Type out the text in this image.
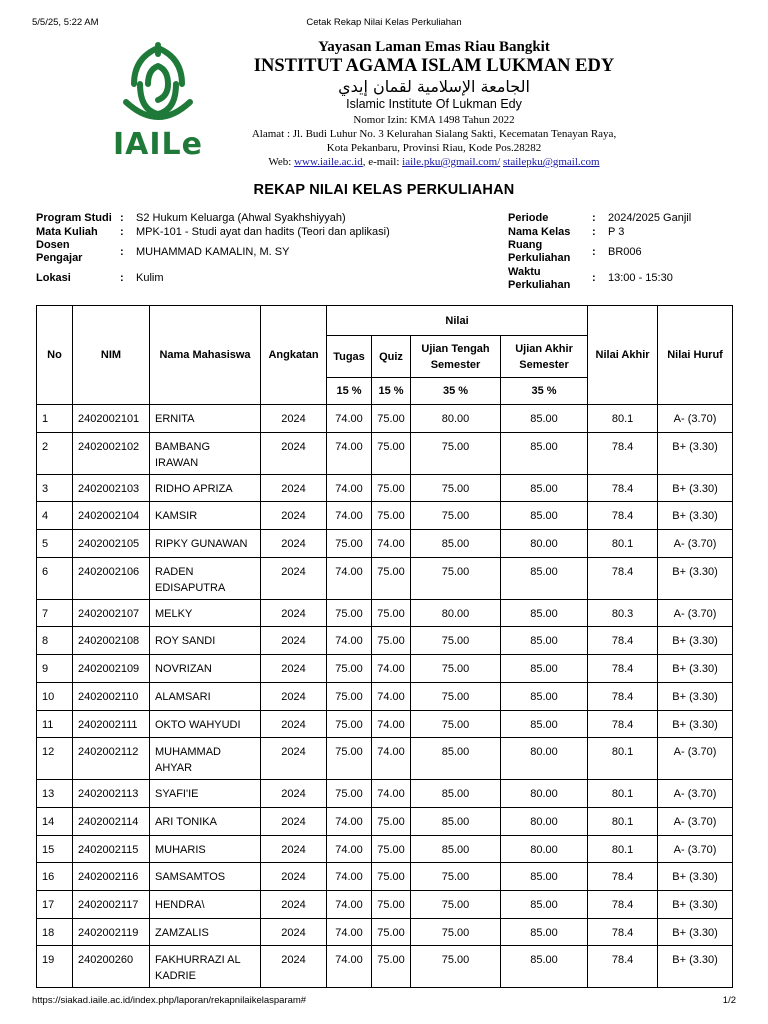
5/5/25, 5:22 AM	Cetak Rekap Nilai Kelas Perkuliahan
IAILe
Yayasan Laman Emas Riau Bangkit
INSTITUT AGAMA ISLAM LUKMAN EDY
الجامعة الإسلامية لقمان إيدي
Islamic Institute Of Lukman Edy
Nomor Izin: KMA 1498 Tahun 2022
Alamat : Jl. Budi Luhur No. 3 Kelurahan Sialang Sakti, Kecematan Tenayan Raya,
Kota Pekanbaru, Provinsi Riau, Kode Pos.28282
Web: www.iaile.ac.id, e-mail: iaile.pku@gmail.com/ stailepku@gmail.com
REKAP NILAI KELAS PERKULIAHAN
Program Studi : S2 Hukum Keluarga (Ahwal Syakhshiyyah)
Mata Kuliah : MPK-101 - Studi ayat dan hadits (Teori dan aplikasi)
Dosen Pengajar	: MUHAMMAD KAMALIN, M. SY
Lokasi	: Kulim
Periode	: 2024/2025 Ganjil
Nama Kelas : P 3
Ruang Perkuliahan	: BR006
Waktu Perkuliahan
: 13:00 - 15:30
No	NIM	Nama Mahasiswa	Angkatan	Nilai				Nilai Akhir	Nilai Huruf
				Tugas	Quiz	Ujian Tengah Semester	Ujian Akhir Semester		
				15 %	15 %	35 %	35 %		
1	2402002101	ERNITA	2024	74.00	75.00	80.00	85.00	80.1	A- (3.70)
2	2402002102	BAMBANG IRAWAN	2024	74.00	75.00	75.00	85.00	78.4	B+ (3.30)
3	2402002103	RIDHO APRIZA	2024	74.00	75.00	75.00	85.00	78.4	B+ (3.30)
4	2402002104	KAMSIR	2024	74.00	75.00	75.00	85.00	78.4	B+ (3.30)
5	2402002105	RIPKY GUNAWAN	2024	75.00	74.00	85.00	80.00	80.1	A- (3.70)
6	2402002106	RADEN EDISAPUTRA	2024	74.00	75.00	75.00	85.00	78.4	B+ (3.30)
7	2402002107	MELKY	2024	75.00	75.00	80.00	85.00	80.3	A- (3.70)
8	2402002108	ROY SANDI	2024	74.00	75.00	75.00	85.00	78.4	B+ (3.30)
9	2402002109	NOVRIZAN	2024	75.00	74.00	75.00	85.00	78.4	B+ (3.30)
10	2402002110	ALAMSARI	2024	75.00	74.00	75.00	85.00	78.4	B+ (3.30)
11	2402002111	OKTO WAHYUDI	2024	75.00	74.00	75.00	85.00	78.4	B+ (3.30)
12	2402002112	MUHAMMAD AHYAR	2024	75.00	74.00	85.00	80.00	80.1	A- (3.70)
13	2402002113	SYAFI'IE	2024	75.00	74.00	85.00	80.00	80.1	A- (3.70)
14	2402002114	ARI TONIKA	2024	74.00	75.00	85.00	80.00	80.1	A- (3.70)
15	2402002115	MUHARIS	2024	74.00	75.00	85.00	80.00	80.1	A- (3.70)
16	2402002116	SAMSAMTOS	2024	74.00	75.00	75.00	85.00	78.4	B+ (3.30)
17	2402002117	HENDRA\	2024	74.00	75.00	75.00	85.00	78.4	B+ (3.30)
18	2402002119	ZAMZALIS	2024	74.00	75.00	75.00	85.00	78.4	B+ (3.30)
19	240200260	FAKHURRAZI AL KADRIE	2024	74.00	75.00	75.00	85.00	78.4	B+ (3.30)
https://siakad.iaile.ac.id/index.php/laporan/rekapnilaikelasparam#	1/2
